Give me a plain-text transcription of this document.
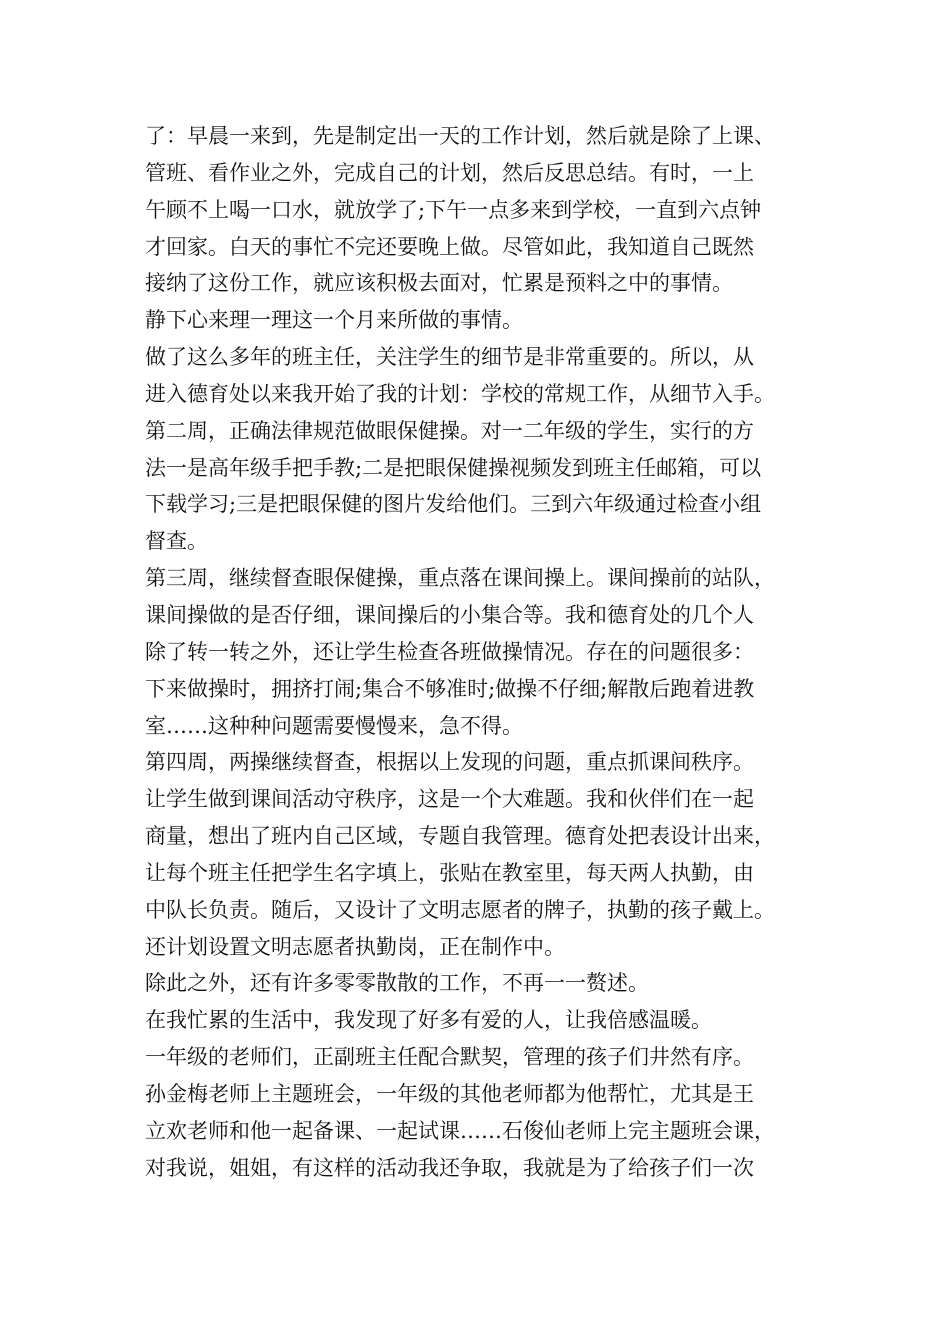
了：早晨一来到，先是制定出一天的工作计划，然后就是除了上课、
管班、看作业之外，完成自己的计划，然后反思总结。有时，一上
午顾不上喝一口水，就放学了;下午一点多来到学校，一直到六点钟
才回家。白天的事忙不完还要晚上做。尽管如此，我知道自己既然
接纳了这份工作，就应该积极去面对，忙累是预料之中的事情。
静下心来理一理这一个月来所做的事情。
做了这么多年的班主任，关注学生的细节是非常重要的。所以，从
进入德育处以来我开始了我的计划：学校的常规工作，从细节入手。
第二周，正确法律规范做眼保健操。对一二年级的学生，实行的方
法一是高年级手把手教;二是把眼保健操视频发到班主任邮箱，可以
下载学习;三是把眼保健的图片发给他们。三到六年级通过检查小组
督查。
第三周，继续督查眼保健操，重点落在课间操上。课间操前的站队，
课间操做的是否仔细，课间操后的小集合等。我和德育处的几个人
除了转一转之外，还让学生检查各班做操情况。存在的问题很多：
下来做操时，拥挤打闹;集合不够准时;做操不仔细;解散后跑着进教
室……这种种问题需要慢慢来，急不得。
第四周，两操继续督查，根据以上发现的问题，重点抓课间秩序。
让学生做到课间活动守秩序，这是一个大难题。我和伙伴们在一起
商量，想出了班内自己区域，专题自我管理。德育处把表设计出来，
让每个班主任把学生名字填上，张贴在教室里，每天两人执勤，由
中队长负责。随后，又设计了文明志愿者的牌子，执勤的孩子戴上。
还计划设置文明志愿者执勤岗，正在制作中。
除此之外，还有许多零零散散的工作，不再一一赘述。
在我忙累的生活中，我发现了好多有爱的人，让我倍感温暖。
一年级的老师们，正副班主任配合默契，管理的孩子们井然有序。
孙金梅老师上主题班会，一年级的其他老师都为他帮忙，尤其是王
立欢老师和他一起备课、一起试课……石俊仙老师上完主题班会课，
对我说，姐姐，有这样的活动我还争取，我就是为了给孩子们一次
